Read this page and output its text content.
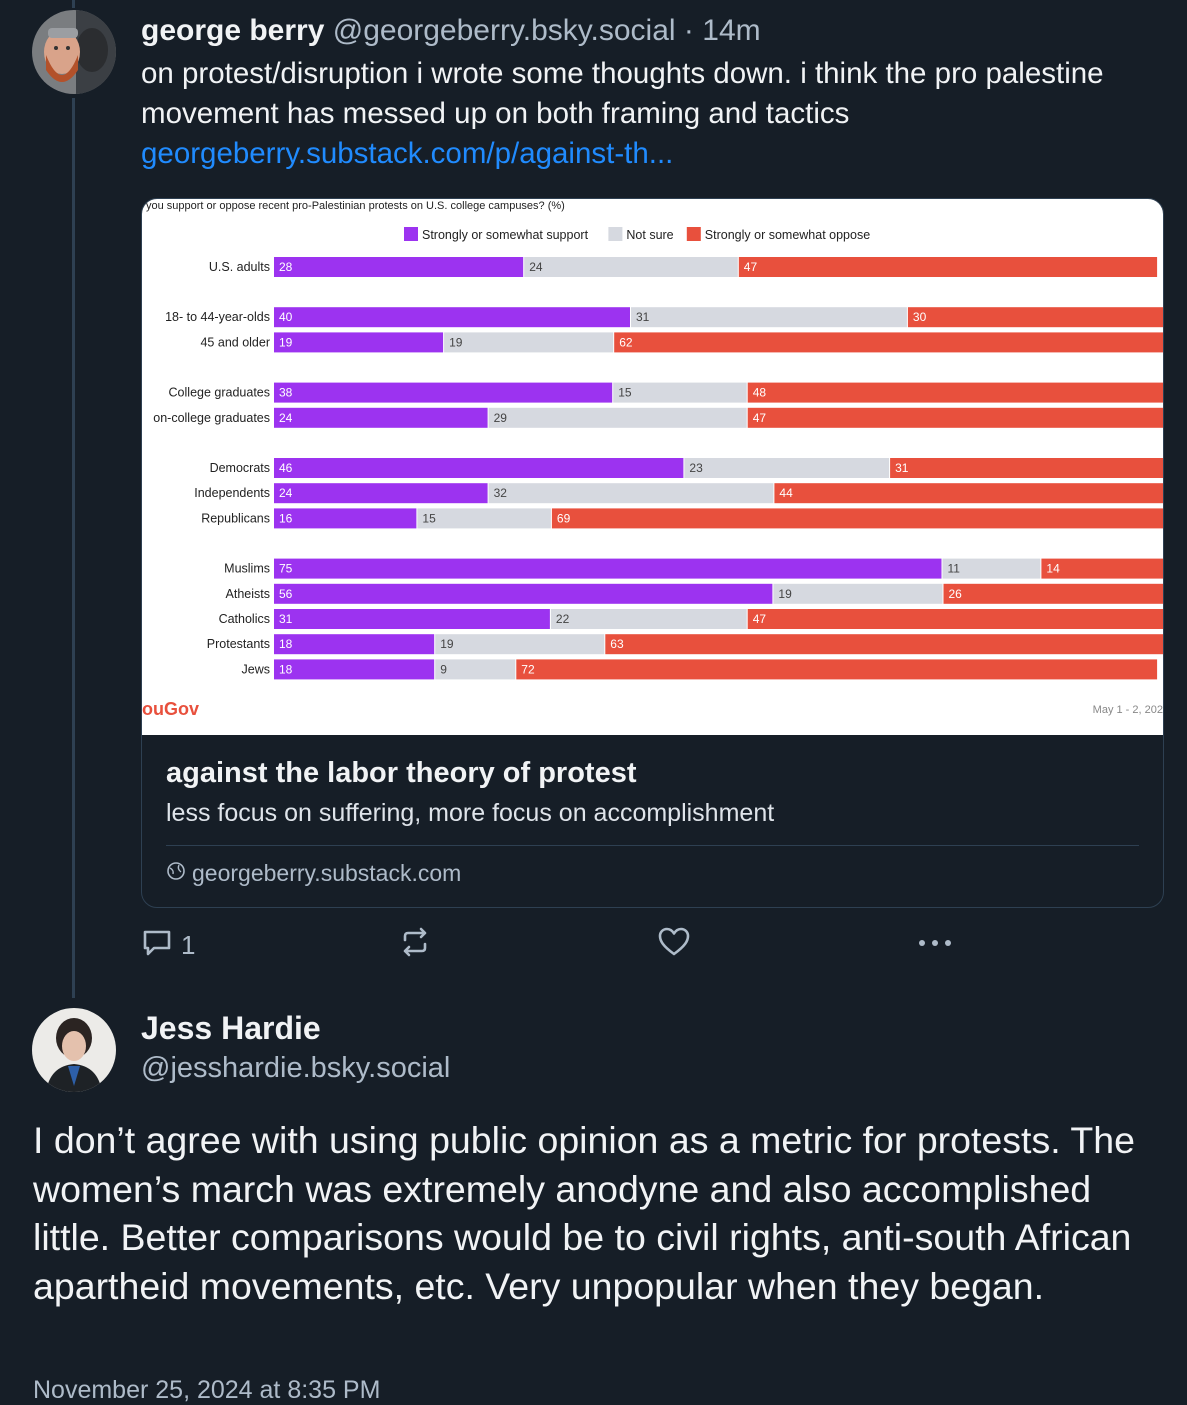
george berry @georgeberry.bsky.social · 14m
on protest/disruption i wrote some thoughts down. i think the pro palestine movement has messed up on both framing and tactics
georgeberry.substack.com/p/against-th...
you support or oppose recent pro-Palestinian protests on U.S. college campuses? (%)
Strongly or somewhat support	Not sure Strongly or somewhat oppose
U.S. adults 28	24	47
18- to 44-year-olds 40	31	30
45 and older 19	19	62
College graduates 38	15	48
on-college graduates 24	29	47
Democrats 46	23	31
Independents 24	32	44
Republicans 16	15	69
Muslims 75	11	14
Atheists 56	19	26
Catholics 31	22	47
Protestants 18	19	63
Jews 18	9	72
ouGov	May 1 - 2, 202
against the labor theory of protest
less focus on suffering, more focus on accomplishment
georgeberry.substack.com
1
Jess Hardie
@jesshardie.bsky.social
I don’t agree with using public opinion as a metric for protests. The women’s march was extremely anodyne and also accomplished little. Better comparisons would be to civil rights, anti-south African apartheid movements, etc. Very unpopular when they began.
November 25, 2024 at 8:35 PM
